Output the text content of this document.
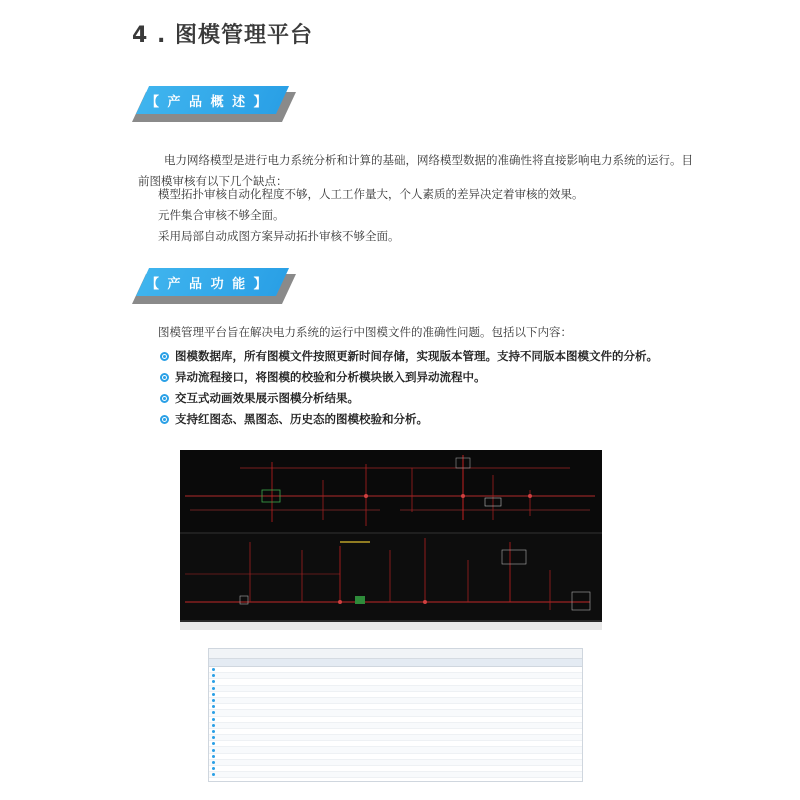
4 . 图模管理平台
【 产 品 概 述 】
电力网络模型是进行电力系统分析和计算的基础，网络模型数据的准确性将直接影响电力系统的运行。目前图模审核有以下几个缺点：
模型拓扑审核自动化程度不够，人工工作量大，个人素质的差异决定着审核的效果。
元件集合审核不够全面。
采用局部自动成图方案异动拓扑审核不够全面。
【 产 品 功 能 】
图模管理平台旨在解决电力系统的运行中图模文件的准确性问题。包括以下内容：
图模数据库，所有图模文件按照更新时间存储，实现版本管理。支持不同版本图模文件的分析。
异动流程接口，将图模的校验和分析模块嵌入到异动流程中。
交互式动画效果展示图模分析结果。
支持红图态、黑图态、历史态的图模校验和分析。
